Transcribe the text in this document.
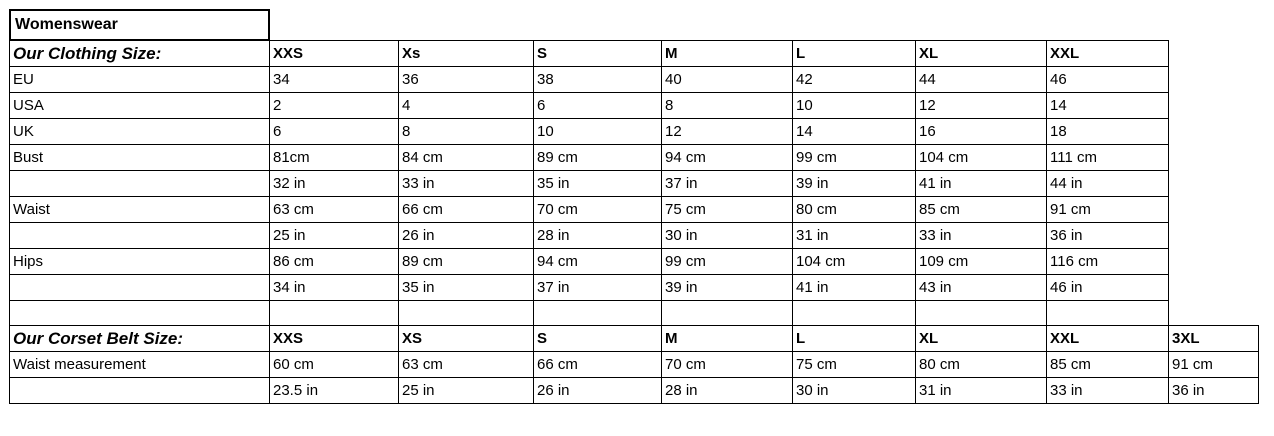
Womenswear
Our Clothing Size:	XXS	Xs	S	M	L	XL	XXL	
EU	34	36	38	40	42	44	46	
USA	2	4	6	8	10	12	14	
UK	6	8	10	12	14	16	18	
Bust	81cm	84 cm	89 cm	94 cm	99 cm	104 cm	111 cm	
	32 in	33 in	35 in	37 in	39 in	41 in	44 in	
Waist	63 cm	66 cm	70 cm	75 cm	80 cm	85 cm	91 cm	
	25 in	26 in	28 in	30 in	31 in	33 in	36 in	
Hips	86 cm	89 cm	94 cm	99 cm	104 cm	109 cm	116 cm	
	34 in	35 in	37 in	39 in	41 in	43 in	46 in	

Our Corset Belt Size:	XXS	XS	S	M	L	XL	XXL	3XL
Waist measurement	60 cm	63 cm	66 cm	70 cm	75 cm	80 cm	85 cm	91 cm
	23.5 in	25 in	26 in	28 in	30 in	31 in	33 in	36 in
